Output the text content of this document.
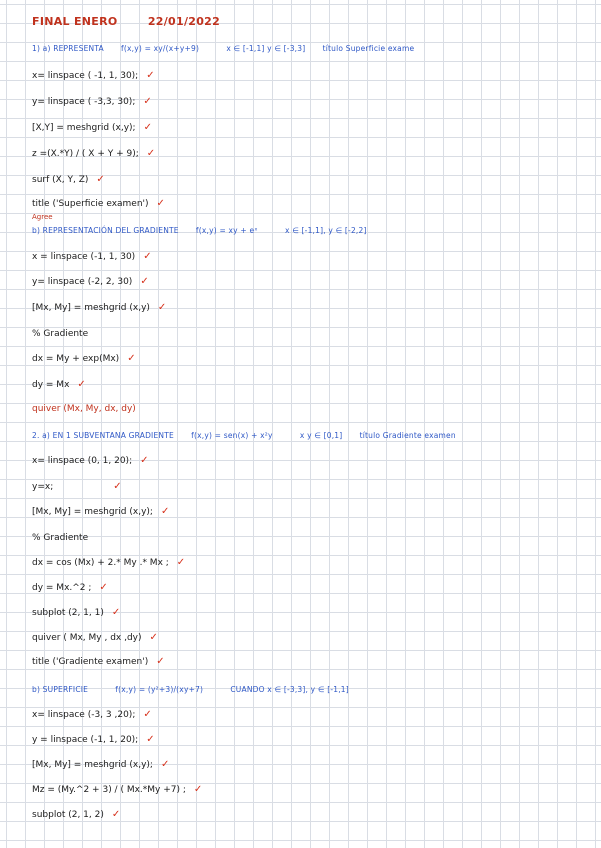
FINAL ENERO	22/01/2022
1) a) REPRESENTA f(x,y) = xy/(x+y+9)	x ∈ [-1,1] y ∈ [-3,3] título Superficie exame
x= linspace ( -1, 1, 30); ✓
y= linspace ( -3,3, 30); ✓
[X,Y] = meshgrid (x,y); ✓
z =(X.*Y) / ( X + Y + 9); ✓
surf (X, Y, Z) ✓
title ('Superficie examen') ✓
Agree
b) REPRESENTACIÓN DEL GRADIENTE f(x,y) = xy + eˣ	x ∈ [-1,1], y ∈ [-2,2]
x = linspace (-1, 1, 30) ✓
y= linspace (-2, 2, 30) ✓
[Mx, My] = meshgrid (x,y) ✓
% Gradiente
dx = My + exp(Mx) ✓
dy = Mx ✓
quiver (Mx, My, dx, dy)
2. a) EN 1 SUBVENTANA GRADIENTE f(x,y) = sen(x) + x²y	x y ∈ [0,1] título Gradiente examen
x= linspace (0, 1, 20); ✓
y=x;	✓
[Mx, My] = meshgrid (x,y); ✓
% Gradiente
dx = cos (Mx) + 2.* My .* Mx ; ✓
dy = Mx.^2 ; ✓
subplot (2, 1, 1) ✓
quiver ( Mx, My , dx ,dy) ✓
title ('Gradiente examen') ✓
b) SUPERFICIE	f(x,y) = (y²+3)/(xy+7)	CUANDO x ∈ [-3,3], y ∈ [-1,1]
x= linspace (-3, 3 ,20); ✓
y = linspace (-1, 1, 20); ✓
[Mx, My] = meshgrid (x,y); ✓
Mz = (My.^2 + 3) / ( Mx.*My +7) ; ✓
subplot (2, 1, 2) ✓
